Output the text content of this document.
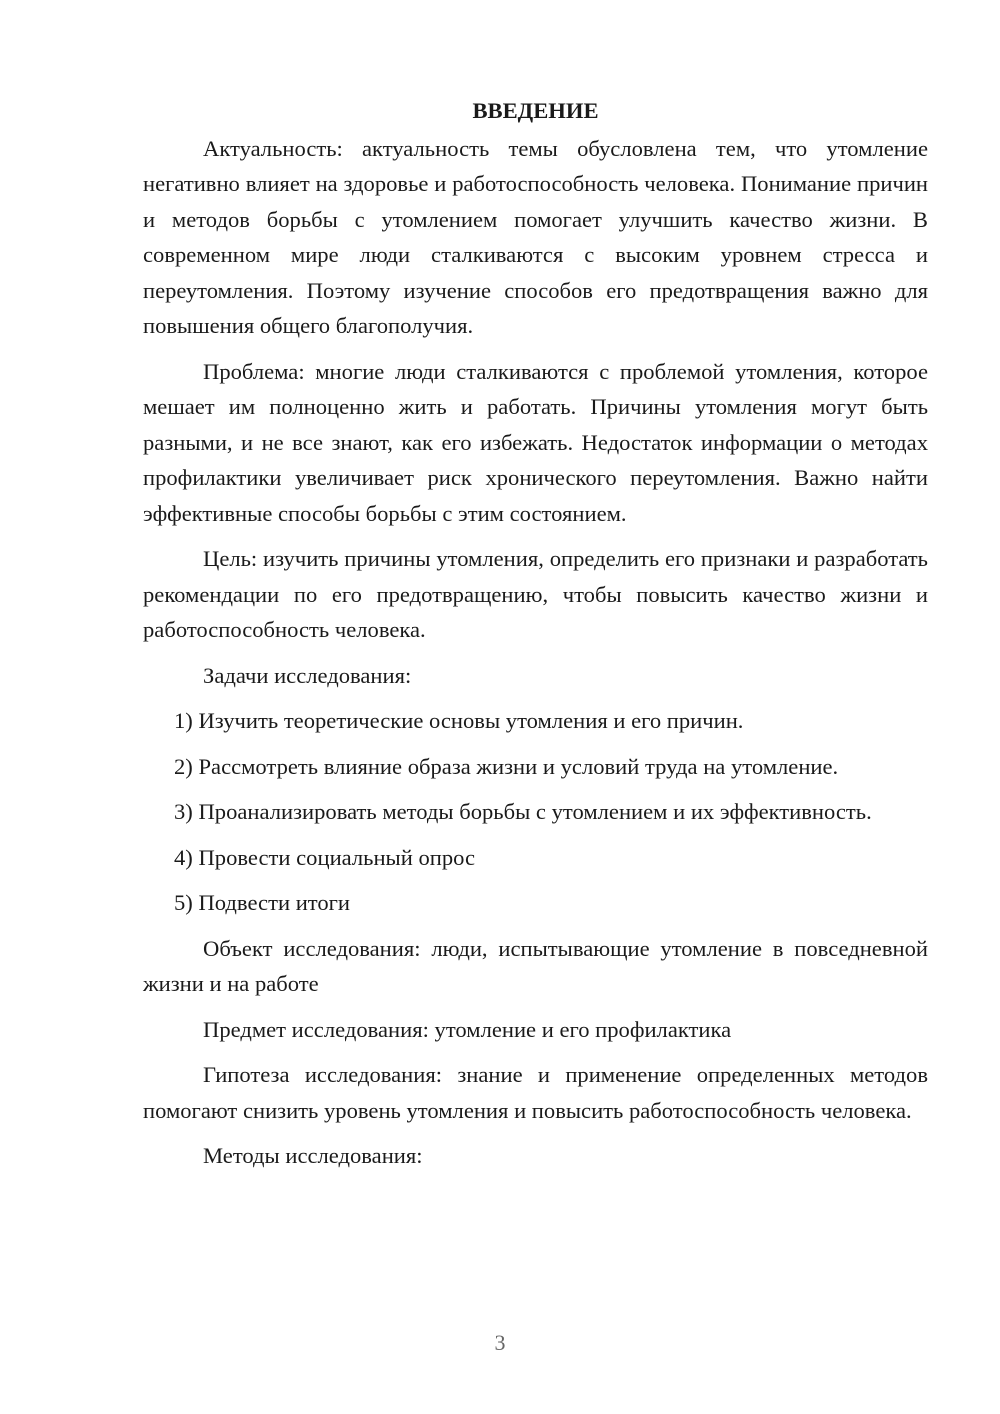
ВВЕДЕНИЕ

Актуальность: актуальность темы обусловлена тем, что утомление негативно влияет на здоровье и работоспособность человека. Понимание причин и методов борьбы с утомлением помогает улучшить качество жизни. В современном мире люди сталкиваются с высоким уровнем стресса и переутомления. Поэтому изучение способов его предотвращения важно для повышения общего благополучия.

Проблема: многие люди сталкиваются с проблемой утомления, которое мешает им полноценно жить и работать. Причины утомления могут быть разными, и не все знают, как его избежать. Недостаток информации о методах профилактики увеличивает риск хронического переутомления. Важно найти эффективные способы борьбы с этим состоянием.

Цель: изучить причины утомления, определить его признаки и разработать рекомендации по его предотвращению, чтобы повысить качество жизни и работоспособность человека.

Задачи исследования:

1) Изучить теоретические основы утомления и его причин.

2) Рассмотреть влияние образа жизни и условий труда на утомление.

3) Проанализировать методы борьбы с утомлением и их эффективность.

4) Провести социальный опрос

5) Подвести итоги

Объект исследования: люди, испытывающие утомление в повседневной жизни и на работе

Предмет исследования: утомление и его профилактика

Гипотеза исследования: знание и применение определенных методов помогают снизить уровень утомления и повысить работоспособность человека.

Методы исследования:

3
